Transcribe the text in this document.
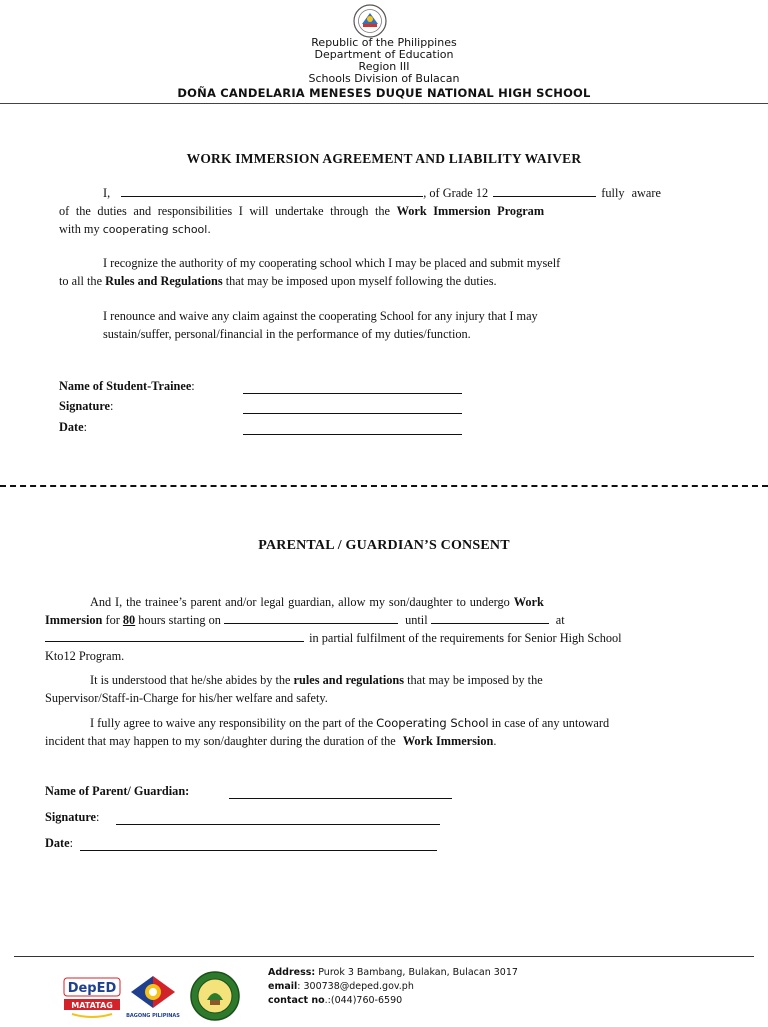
Republic of the Philippines
Department of Education
Region III
Schools Division of Bulacan
DOÑA CANDELARIA MENESES DUQUE NATIONAL HIGH SCHOOL
WORK IMMERSION AGREEMENT AND LIABILITY WAIVER
I,	, of Grade 12	fully aware
of the duties and responsibilities I will undertake through the Work Immersion Program
with my cooperating school.
I recognize the authority of my cooperating school which I may be placed and submit myself
to all the Rules and Regulations that may be imposed upon myself following the duties.
I renounce and waive any claim against the cooperating School for any injury that I may
sustain/suffer, personal/financial in the performance of my duties/function.
Name of Student-Trainee:
Signature:
Date:
PARENTAL / GUARDIAN’S CONSENT
And I, the trainee’s parent and/or legal guardian, allow my son/daughter to undergo Work
Immersion for 80 hours starting on	until	at
in partial fulfilment of the requirements for Senior High School
Kto12 Program.
It is understood that he/she abides by the rules and regulations that may be imposed by the
Supervisor/Staff-in-Charge for his/her welfare and safety.
I fully agree to waive any responsibility on the part of the Cooperating School in case of any untoward
incident that may happen to my son/daughter during the duration of the Work Immersion.
Name of Parent/ Guardian:
Signature:
Date:
DepED
MATATAG
BAGONG PILIPINAS
Address: Purok 3 Bambang, Bulakan, Bulacan 3017
email: 300738@deped.gov.ph
contact no.:(044)760-6590
